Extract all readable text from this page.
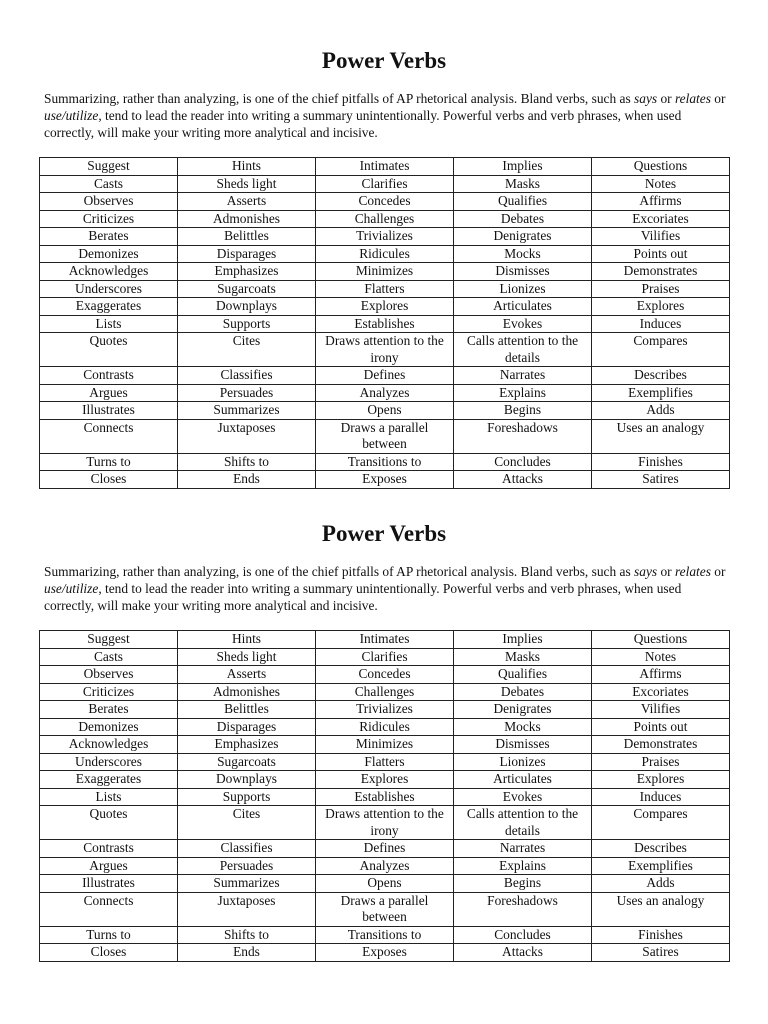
Power Verbs

Summarizing, rather than analyzing, is one of the chief pitfalls of AP rhetorical analysis. Bland verbs, such as says or relates or use/utilize, tend to lead the reader into writing a summary unintentionally. Powerful verbs and verb phrases, when used correctly, will make your writing more analytical and incisive.

Suggest	Hints	Intimates	Implies	Questions
Casts	Sheds light	Clarifies	Masks	Notes
Observes	Asserts	Concedes	Qualifies	Affirms
Criticizes	Admonishes	Challenges	Debates	Excoriates
Berates	Belittles	Trivializes	Denigrates	Vilifies
Demonizes	Disparages	Ridicules	Mocks	Points out
Acknowledges	Emphasizes	Minimizes	Dismisses	Demonstrates
Underscores	Sugarcoats	Flatters	Lionizes	Praises
Exaggerates	Downplays	Explores	Articulates	Explores
Lists	Supports	Establishes	Evokes	Induces
Quotes	Cites	Draws attention to the irony	Calls attention to the details	Compares
Contrasts	Classifies	Defines	Narrates	Describes
Argues	Persuades	Analyzes	Explains	Exemplifies
Illustrates	Summarizes	Opens	Begins	Adds
Connects	Juxtaposes	Draws a parallel between	Foreshadows	Uses an analogy
Turns to	Shifts to	Transitions to	Concludes	Finishes
Closes	Ends	Exposes	Attacks	Satires
Power Verbs

Summarizing, rather than analyzing, is one of the chief pitfalls of AP rhetorical analysis. Bland verbs, such as says or relates or use/utilize, tend to lead the reader into writing a summary unintentionally. Powerful verbs and verb phrases, when used correctly, will make your writing more analytical and incisive.

Suggest	Hints	Intimates	Implies	Questions
Casts	Sheds light	Clarifies	Masks	Notes
Observes	Asserts	Concedes	Qualifies	Affirms
Criticizes	Admonishes	Challenges	Debates	Excoriates
Berates	Belittles	Trivializes	Denigrates	Vilifies
Demonizes	Disparages	Ridicules	Mocks	Points out
Acknowledges	Emphasizes	Minimizes	Dismisses	Demonstrates
Underscores	Sugarcoats	Flatters	Lionizes	Praises
Exaggerates	Downplays	Explores	Articulates	Explores
Lists	Supports	Establishes	Evokes	Induces
Quotes	Cites	Draws attention to the irony	Calls attention to the details	Compares
Contrasts	Classifies	Defines	Narrates	Describes
Argues	Persuades	Analyzes	Explains	Exemplifies
Illustrates	Summarizes	Opens	Begins	Adds
Connects	Juxtaposes	Draws a parallel between	Foreshadows	Uses an analogy
Turns to	Shifts to	Transitions to	Concludes	Finishes
Closes	Ends	Exposes	Attacks	Satires
